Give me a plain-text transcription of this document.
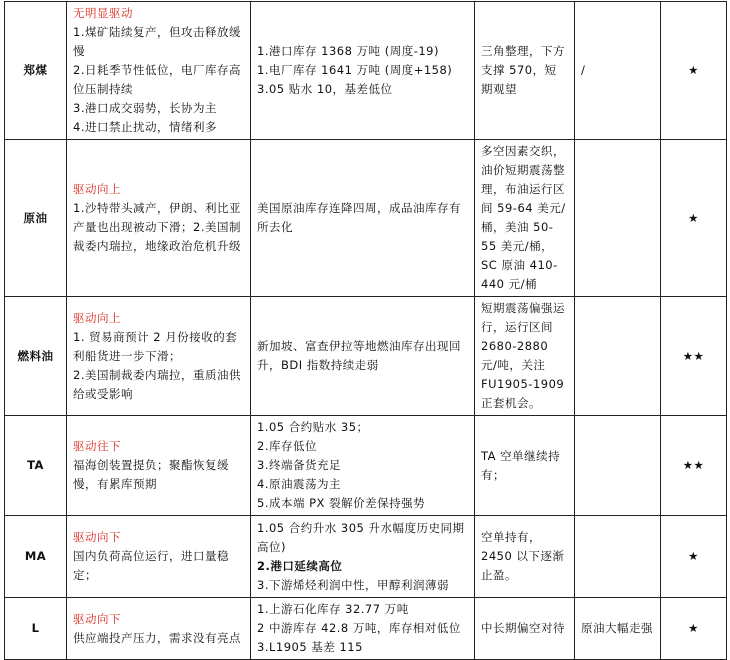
郑煤	无明显驱动
1.煤矿陆续复产，但攻击释放缓慢
2.日耗季节性低位，电厂库存高位压制持续
3.港口成交弱势，长协为主
4.进口禁止扰动，情绪利多	1.港口库存 1368 万吨 (周度-19)
1.电厂库存 1641 万吨 (周度+158)
3.05 贴水 10，基差低位	三角整理，下方支撑 570，短期观望	/	★
原油	驱动向上
1.沙特带头减产，伊朗、利比亚产量也出现被动下滑；2.美国制裁委内瑞拉，地缘政治危机升级	美国原油库存连降四周，成品油库存有所去化	多空因素交织，油价短期震荡整理，布油运行区间 59-64 美元/桶，美油 50-55 美元/桶，SC 原油 410-440 元/桶		★
燃料油	驱动向上
1. 贸易商预计 2 月份接收的套利船货进一步下滑；
2.美国制裁委内瑞拉，重质油供给或受影响	新加坡、富查伊拉等地燃油库存出现回升，BDI 指数持续走弱	短期震荡偏强运行，运行区间 2680-2880 元/吨，关注 FU1905-1909 正套机会。		★★
TA	驱动往下
福海创装置提负；聚酯恢复缓慢，有累库预期	1.05 合约贴水 35；
2.库存低位
3.终端备货充足
4.原油震荡为主
5.成本端 PX 裂解价差保持强势	TA 空单继续持有；		★★
MA	驱动向下
国内负荷高位运行，进口量稳定；	1.05 合约升水 305 升水幅度历史同期高位)
2.港口延续高位
3.下游烯烃利润中性，甲醇利润薄弱	空单持有，2450 以下逐渐止盈。		★
L	驱动向下
供应端投产压力，需求没有亮点	1.上游石化库存 32.77 万吨
2 中游库存 42.8 万吨，库存相对低位
3.L1905 基差 115	中长期偏空对待	原油大幅走强	★
